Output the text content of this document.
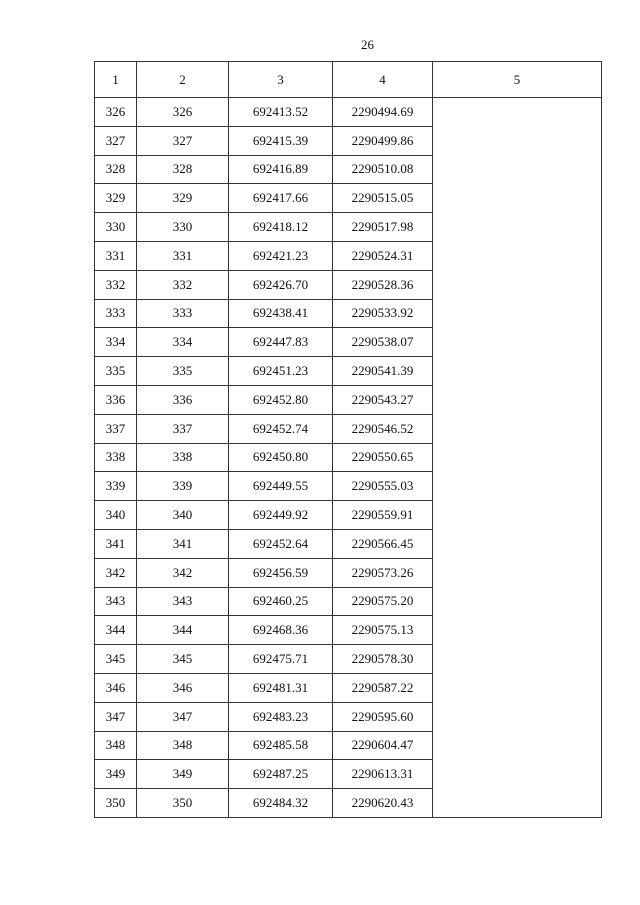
26
1	2	3	4	5
326	326	692413.52	2290494.69	
327	327	692415.39	2290499.86	
328	328	692416.89	2290510.08	
329	329	692417.66	2290515.05	
330	330	692418.12	2290517.98	
331	331	692421.23	2290524.31	
332	332	692426.70	2290528.36	
333	333	692438.41	2290533.92	
334	334	692447.83	2290538.07	
335	335	692451.23	2290541.39	
336	336	692452.80	2290543.27	
337	337	692452.74	2290546.52	
338	338	692450.80	2290550.65	
339	339	692449.55	2290555.03	
340	340	692449.92	2290559.91	
341	341	692452.64	2290566.45	
342	342	692456.59	2290573.26	
343	343	692460.25	2290575.20	
344	344	692468.36	2290575.13	
345	345	692475.71	2290578.30	
346	346	692481.31	2290587.22	
347	347	692483.23	2290595.60	
348	348	692485.58	2290604.47	
349	349	692487.25	2290613.31	
350	350	692484.32	2290620.43	
